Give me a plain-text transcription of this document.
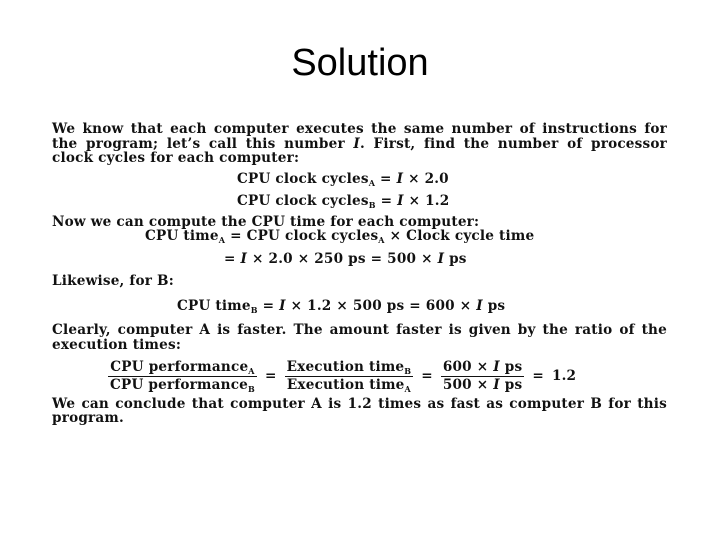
Solution

We know that each computer executes the same number of instructions for the program; let’s call this number I. First, find the number of processor clock cycles for each computer:

CPU clock cycles$_A$ = I × 2.0

CPU clock cycles$_B$ = I × 1.2

Now we can compute the CPU time for each computer:

CPU time$_A$ = CPU clock cycles$_A$ × Clock cycle time

= I × 2.0 × 250 ps = 500 × I ps

Likewise, for B:

CPU time$_B$ = I × 1.2 × 500 ps = 600 × I ps

Clearly, computer A is faster. The amount faster is given by the ratio of the execution times:

$\frac{CPU performance_A}{CPU performance_B} = \frac{Execution time_B}{Execution time_A} = \frac{\text{600 × I ps}}{\text{500 × I ps}} = 1.2$

We can conclude that computer A is 1.2 times as fast as computer B for this program.
